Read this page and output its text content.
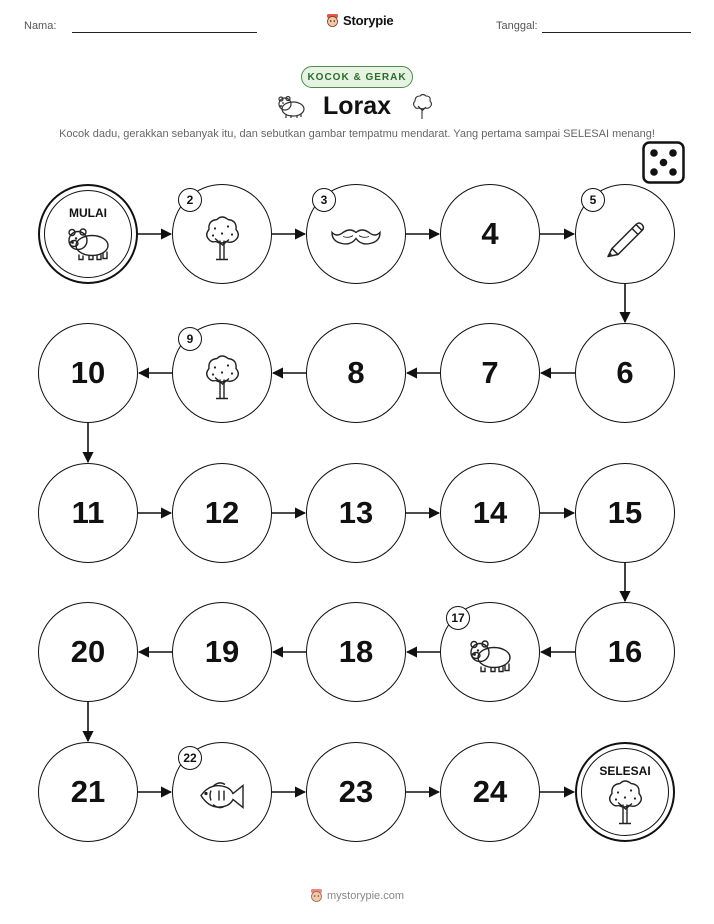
Nama:	Storypie	Tanggal:
KOCOK & GERAK
Lorax
Kocok dadu, gerakkan sebanyak itu, dan sebutkan gambar tempatmu mendarat. Yang pertama sampai SELESAI menang!
MULAI
2	3
4
5
6
7
8
9
10
11	12	13	14	15
16
17
18
19
20
21
22
23	24
SELESAI
mystorypie.com
